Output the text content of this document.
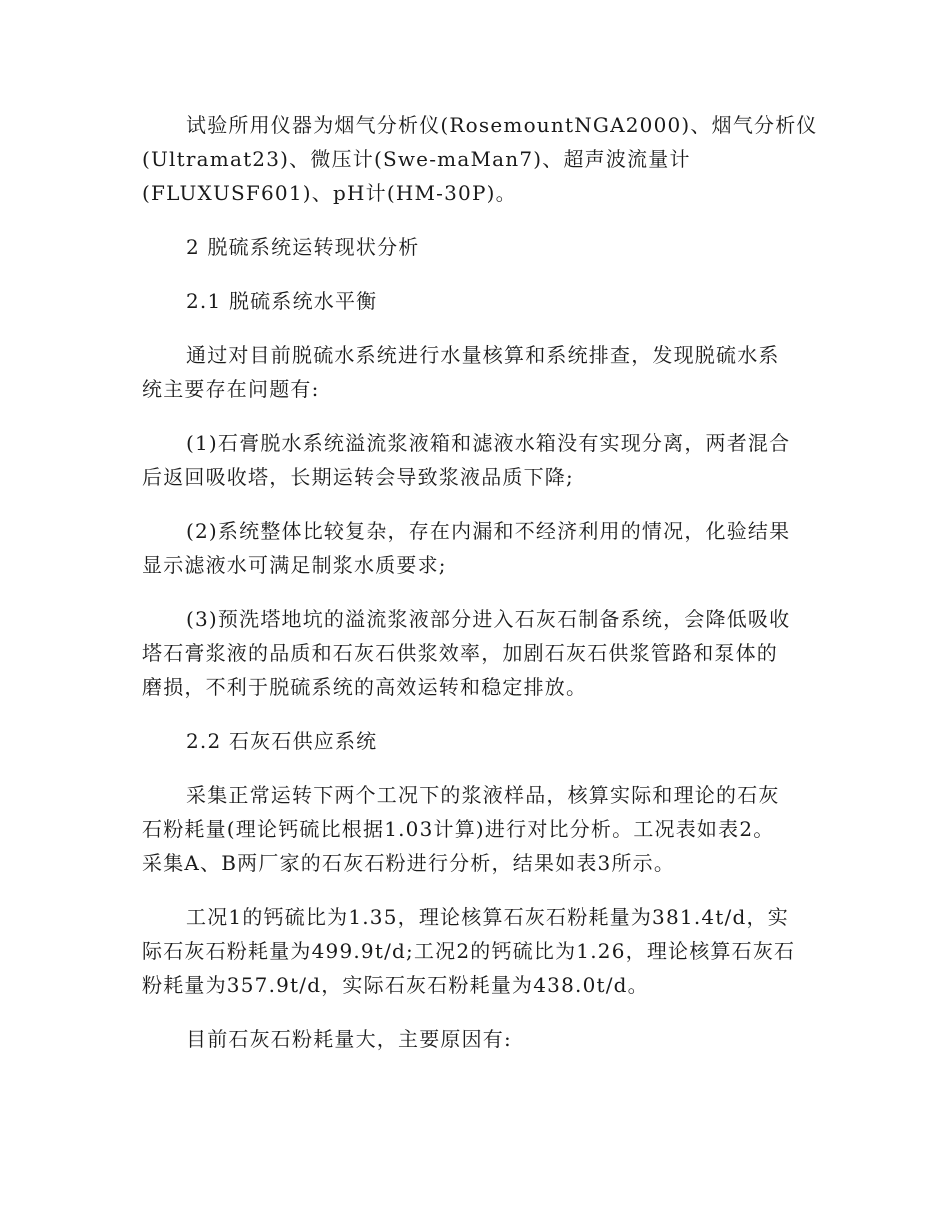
试验所用仪器为烟气分析仪(RosemountNGA2000)、烟气分析仪
(Ultramat23)、微压计(Swe-maMan7)、超声波流量计
(FLUXUSF601)、pH计(HM-30P)。
2 脱硫系统运转现状分析
2.1 脱硫系统水平衡
通过对目前脱硫水系统进行水量核算和系统排查，发现脱硫水系
统主要存在问题有:
(1)石膏脱水系统溢流浆液箱和滤液水箱没有实现分离，两者混合
后返回吸收塔，长期运转会导致浆液品质下降;
(2)系统整体比较复杂，存在内漏和不经济利用的情况，化验结果
显示滤液水可满足制浆水质要求;
(3)预洗塔地坑的溢流浆液部分进入石灰石制备系统，会降低吸收
塔石膏浆液的品质和石灰石供浆效率，加剧石灰石供浆管路和泵体的
磨损，不利于脱硫系统的高效运转和稳定排放。
2.2 石灰石供应系统
采集正常运转下两个工况下的浆液样品，核算实际和理论的石灰
石粉耗量(理论钙硫比根据1.03计算)进行对比分析。工况表如表2。
采集A、B两厂家的石灰石粉进行分析，结果如表3所示。
工况1的钙硫比为1.35，理论核算石灰石粉耗量为381.4t/d，实
际石灰石粉耗量为499.9t/d;工况2的钙硫比为1.26，理论核算石灰石
粉耗量为357.9t/d，实际石灰石粉耗量为438.0t/d。
目前石灰石粉耗量大，主要原因有:
